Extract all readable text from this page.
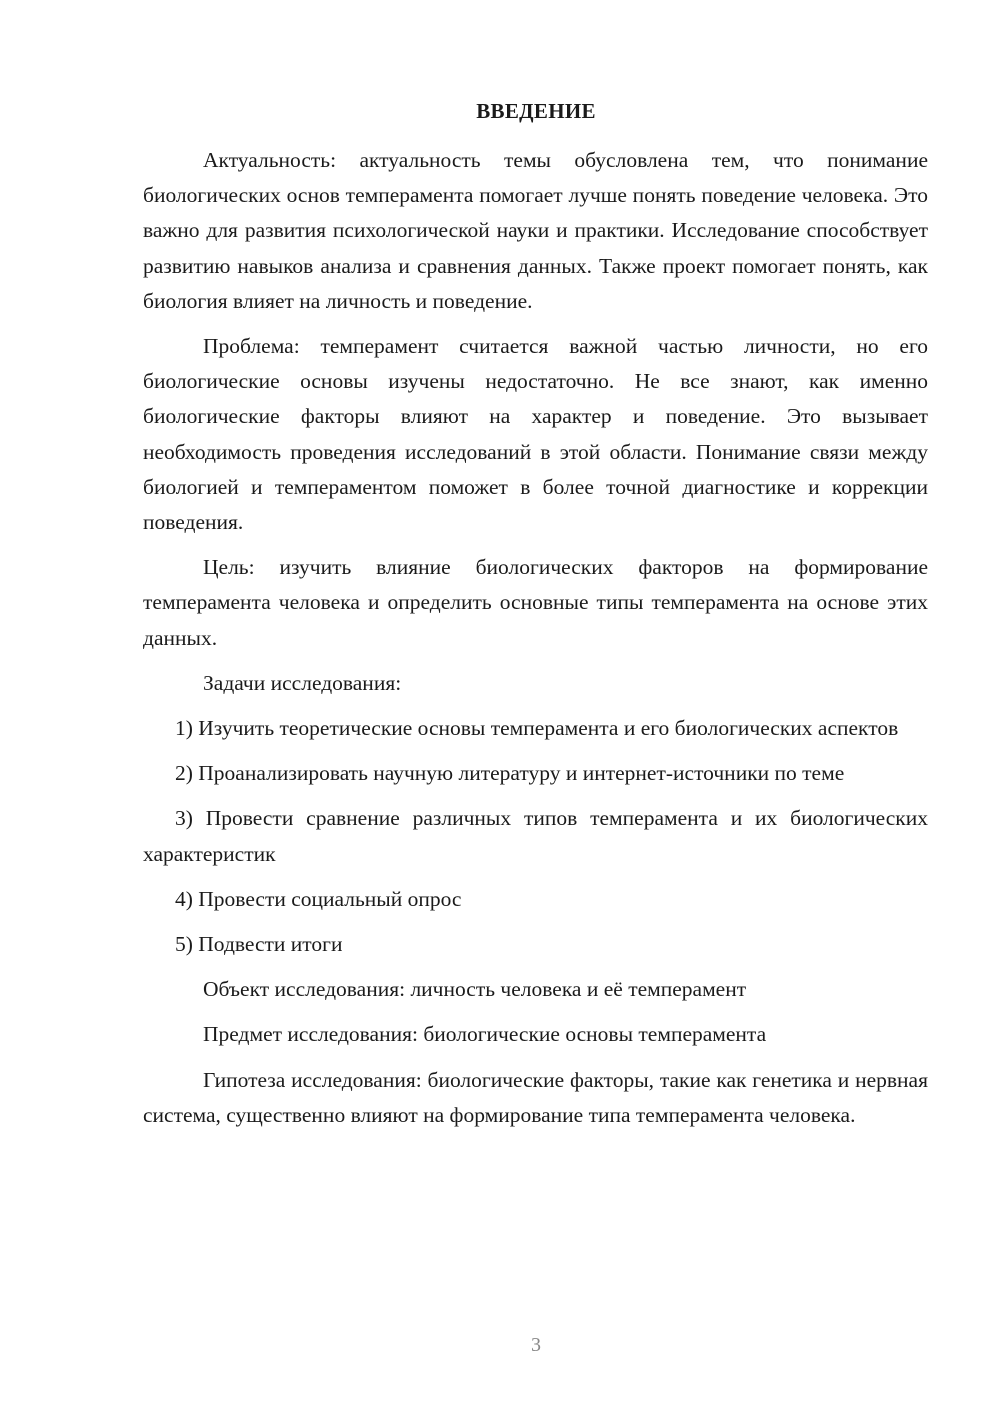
ВВЕДЕНИЕ

Актуальность: актуальность темы обусловлена тем, что понимание биологических основ темперамента помогает лучше понять поведение человека. Это важно для развития психологической науки и практики. Исследование способствует развитию навыков анализа и сравнения данных. Также проект помогает понять, как биология влияет на личность и поведение.

Проблема: темперамент считается важной частью личности, но его биологические основы изучены недостаточно. Не все знают, как именно биологические факторы влияют на характер и поведение. Это вызывает необходимость проведения исследований в этой области. Понимание связи между биологией и темпераментом поможет в более точной диагностике и коррекции поведения.

Цель: изучить влияние биологических факторов на формирование темперамента человека и определить основные типы темперамента на основе этих данных.

Задачи исследования:

1) Изучить теоретические основы темперамента и его биологических аспектов

2) Проанализировать научную литературу и интернет-источники по теме

3) Провести сравнение различных типов темперамента и их биологических характеристик

4) Провести социальный опрос

5) Подвести итоги

Объект исследования: личность человека и её темперамент

Предмет исследования: биологические основы темперамента

Гипотеза исследования: биологические факторы, такие как генетика и нервная система, существенно влияют на формирование типа темперамента человека.

3
